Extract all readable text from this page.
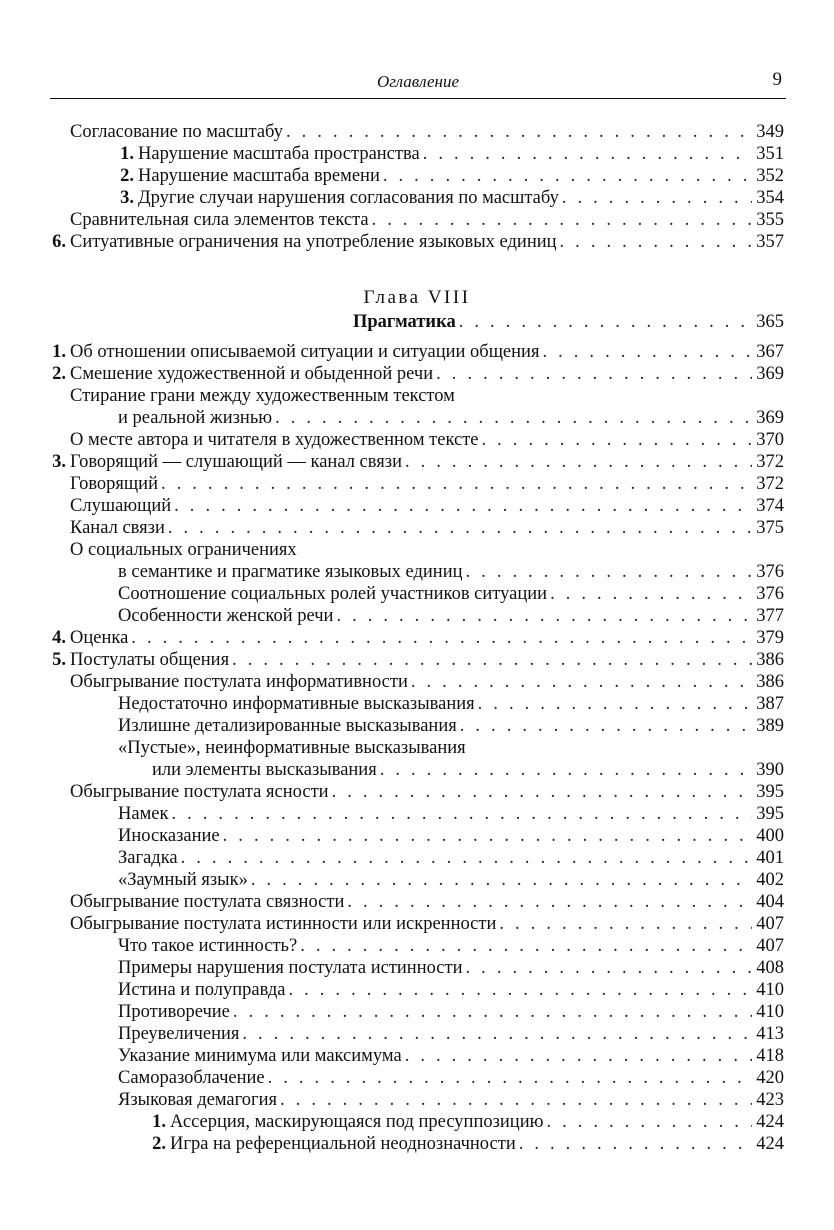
Оглавление	9
Согласование по масштабу . . .	349
1. Нарушение масштаба пространства . . .	351
2. Нарушение масштаба времени . . .	352
3. Другие случаи нарушения согласования по масштабу . . .	354
Сравнительная сила элементов текста . . .	355
6. Ситуативные ограничения на употребление языковых единиц . . .	357
Глава VIII
Прагматика . . .	365
1. Об отношении описываемой ситуации и ситуации общения . . .	367
2. Смешение художественной и обыденной речи . . .	369
Стирание грани между художественным текстом
и реальной жизнью . . .	369
О месте автора и читателя в художественном тексте . . .	370
3. Говорящий — слушающий — канал связи . . .	372
Говорящий . . .	372
Слушающий . . .	374
Канал связи . . .	375
О социальных ограничениях
в семантике и прагматике языковых единиц . . .	376
Соотношение социальных ролей участников ситуации . . .	376
Особенности женской речи . . .	377
4. Оценка . . .	379
5. Постулаты общения . . .	386
Обыгрывание постулата информативности . . .	386
Недостаточно информативные высказывания . . .	387
Излишне детализированные высказывания . . .	389
«Пустые», неинформативные высказывания
или элементы высказывания . . .	390
Обыгрывание постулата ясности . . .	395
Намек . . .	395
Иносказание . . .	400
Загадка . . .	401
«Заумный язык» . . .	402
Обыгрывание постулата связности . . .	404
Обыгрывание постулата истинности или искренности . . .	407
Что такое истинность? . . .	407
Примеры нарушения постулата истинности . . .	408
Истина и полуправда . . .	410
Противоречие . . .	410
Преувеличения . . .	413
Указание минимума или максимума . . .	418
Саморазоблачение . . .	420
Языковая демагогия . . .	423
1. Ассерция, маскирующаяся под пресуппозицию . . .	424
2. Игра на референциальной неоднозначности . . .	424
